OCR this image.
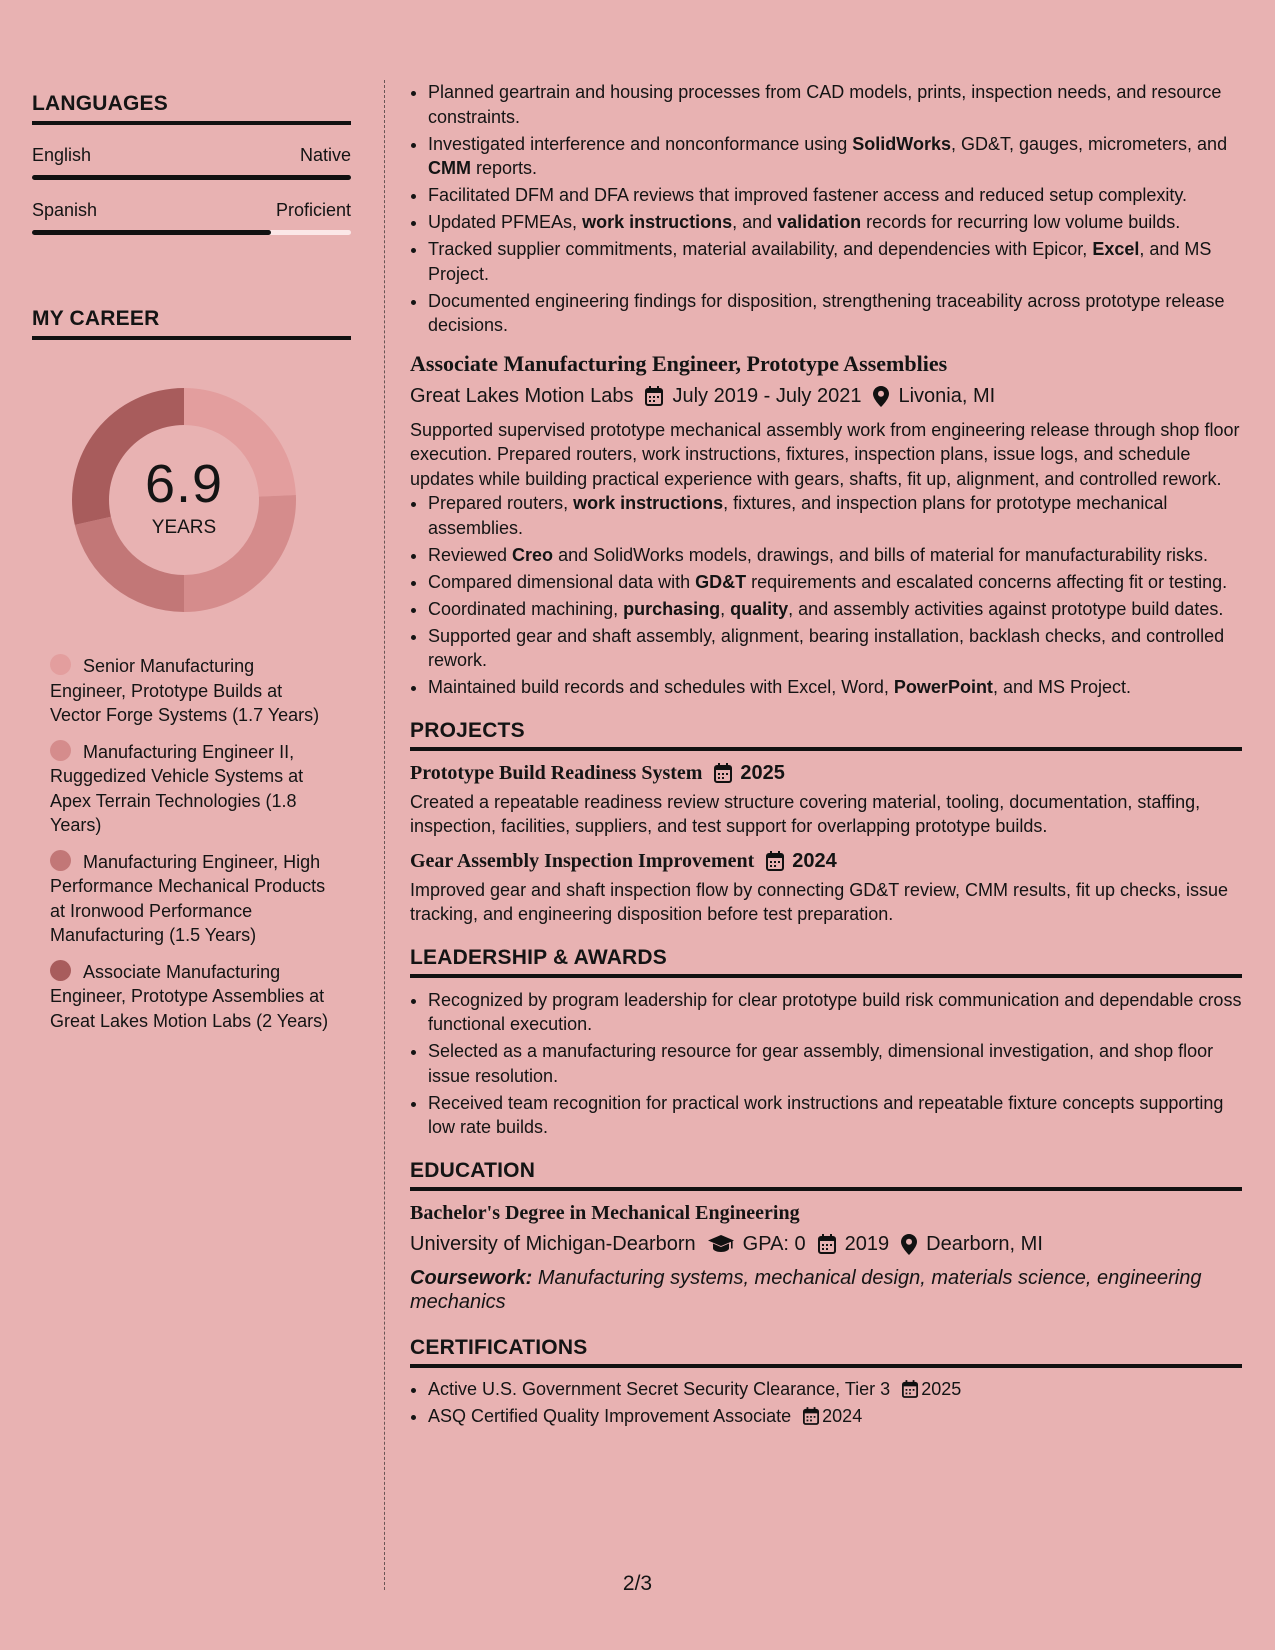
LANGUAGES
English	Native
Spanish	Proficient
MY CAREER
6.9
YEARS
Senior Manufacturing Engineer, Prototype Builds at Vector Forge Systems (1.7 Years)
Manufacturing Engineer II, Ruggedized Vehicle Systems at Apex Terrain Technologies (1.8 Years)
Manufacturing Engineer, High Performance Mechanical Products at Ironwood Performance Manufacturing (1.5 Years)
Associate Manufacturing Engineer, Prototype Assemblies at Great Lakes Motion Labs (2 Years)
• Planned geartrain and housing processes from CAD models, prints, inspection needs, and resource constraints.
• Investigated interference and nonconformance using SolidWorks, GD&T, gauges, micrometers, and CMM reports.
• Facilitated DFM and DFA reviews that improved fastener access and reduced setup complexity.
• Updated PFMEAs, work instructions, and validation records for recurring low volume builds.
• Tracked supplier commitments, material availability, and dependencies with Epicor, Excel, and MS Project.
• Documented engineering findings for disposition, strengthening traceability across prototype release decisions.
Associate Manufacturing Engineer, Prototype Assemblies
Great Lakes Motion Labs July 2019 - July 2021 Livonia, MI
Supported supervised prototype mechanical assembly work from engineering release through shop floor execution. Prepared routers, work instructions, fixtures, inspection plans, issue logs, and schedule updates while building practical experience with gears, shafts, fit up, alignment, and controlled rework.
• Prepared routers, work instructions, fixtures, and inspection plans for prototype mechanical assemblies.
• Reviewed Creo and SolidWorks models, drawings, and bills of material for manufacturability risks.
• Compared dimensional data with GD&T requirements and escalated concerns affecting fit or testing.
• Coordinated machining, purchasing, quality, and assembly activities against prototype build dates.
• Supported gear and shaft assembly, alignment, bearing installation, backlash checks, and controlled rework.
• Maintained build records and schedules with Excel, Word, PowerPoint, and MS Project.
PROJECTS
Prototype Build Readiness System 2025
Created a repeatable readiness review structure covering material, tooling, documentation, staffing, inspection, facilities, suppliers, and test support for overlapping prototype builds.
Gear Assembly Inspection Improvement 2024
Improved gear and shaft inspection flow by connecting GD&T review, CMM results, fit up checks, issue tracking, and engineering disposition before test preparation.
LEADERSHIP & AWARDS
• Recognized by program leadership for clear prototype build risk communication and dependable cross functional execution.
• Selected as a manufacturing resource for gear assembly, dimensional investigation, and shop floor issue resolution.
• Received team recognition for practical work instructions and repeatable fixture concepts supporting low rate builds.
EDUCATION
Bachelor's Degree in Mechanical Engineering
University of Michigan-Dearborn GPA: 0 2019 Dearborn, MI
Coursework: Manufacturing systems, mechanical design, materials science, engineering mechanics
CERTIFICATIONS
• Active U.S. Government Secret Security Clearance, Tier 3 2025
• ASQ Certified Quality Improvement Associate 2024
2/3
